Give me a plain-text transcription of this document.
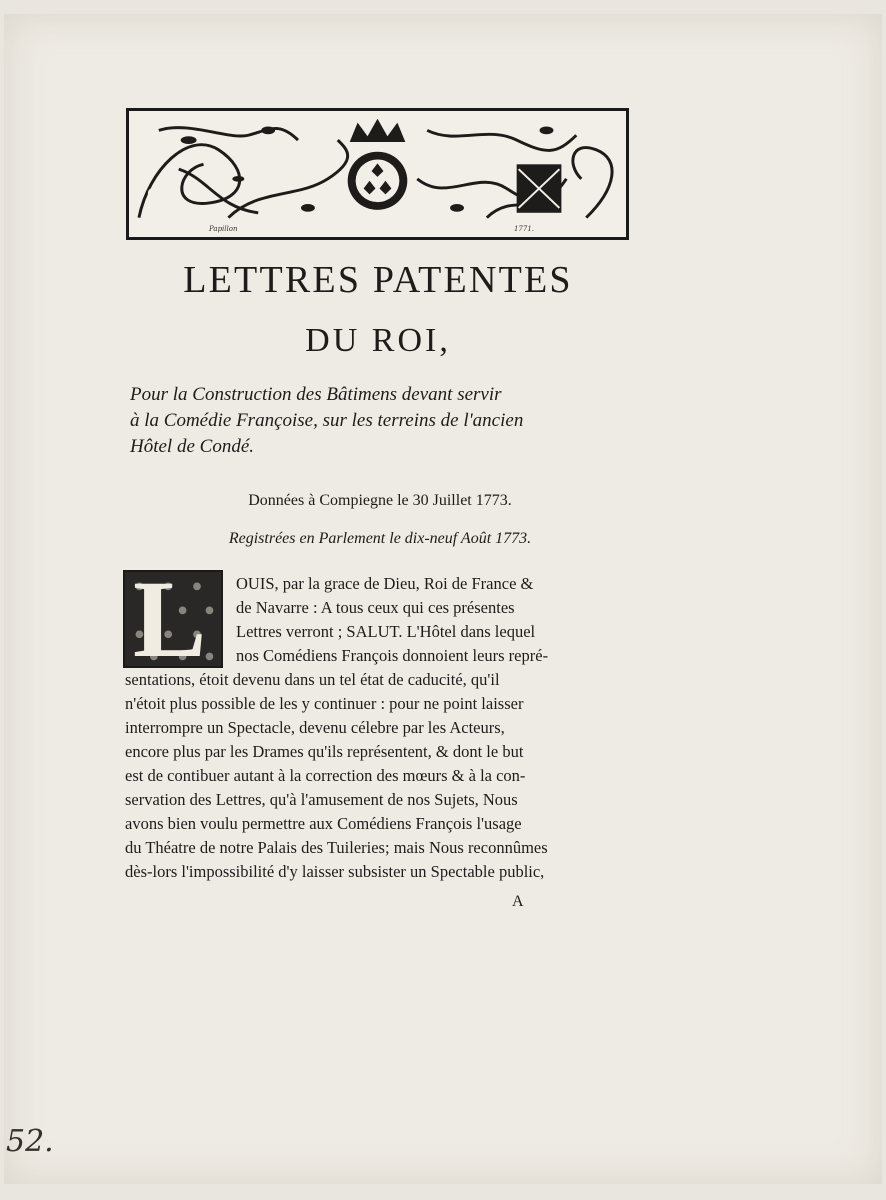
Papillon	1771.
LETTRES PATENTES
DU ROI,
Pour la Construction des Bâtimens devant servir
à la Comédie Françoise, sur les terreins de l'ancien
Hôtel de Condé.
Données à Compiegne le 30 Juillet 1773.
Registrées en Parlement le dix-neuf Août 1773.
L	OUIS, par la grace de Dieu, Roi de France &
de Navarre : A tous ceux qui ces présentes
Lettres verront ; SALUT. L'Hôtel dans lequel
nos Comédiens François donnoient leurs repré-
sentations, étoit devenu dans un tel état de caducité, qu'il
n'étoit plus possible de les y continuer : pour ne point laisser
interrompre un Spectacle, devenu célebre par les Acteurs,
encore plus par les Drames qu'ils représentent, & dont le but
est de contibuer autant à la correction des mœurs & à la con-
servation des Lettres, qu'à l'amusement de nos Sujets, Nous
avons bien voulu permettre aux Comédiens François l'usage
du Théatre de notre Palais des Tuileries; mais Nous reconnûmes
dès-lors l'impossibilité d'y laisser subsister un Spectable public,
A
52.
